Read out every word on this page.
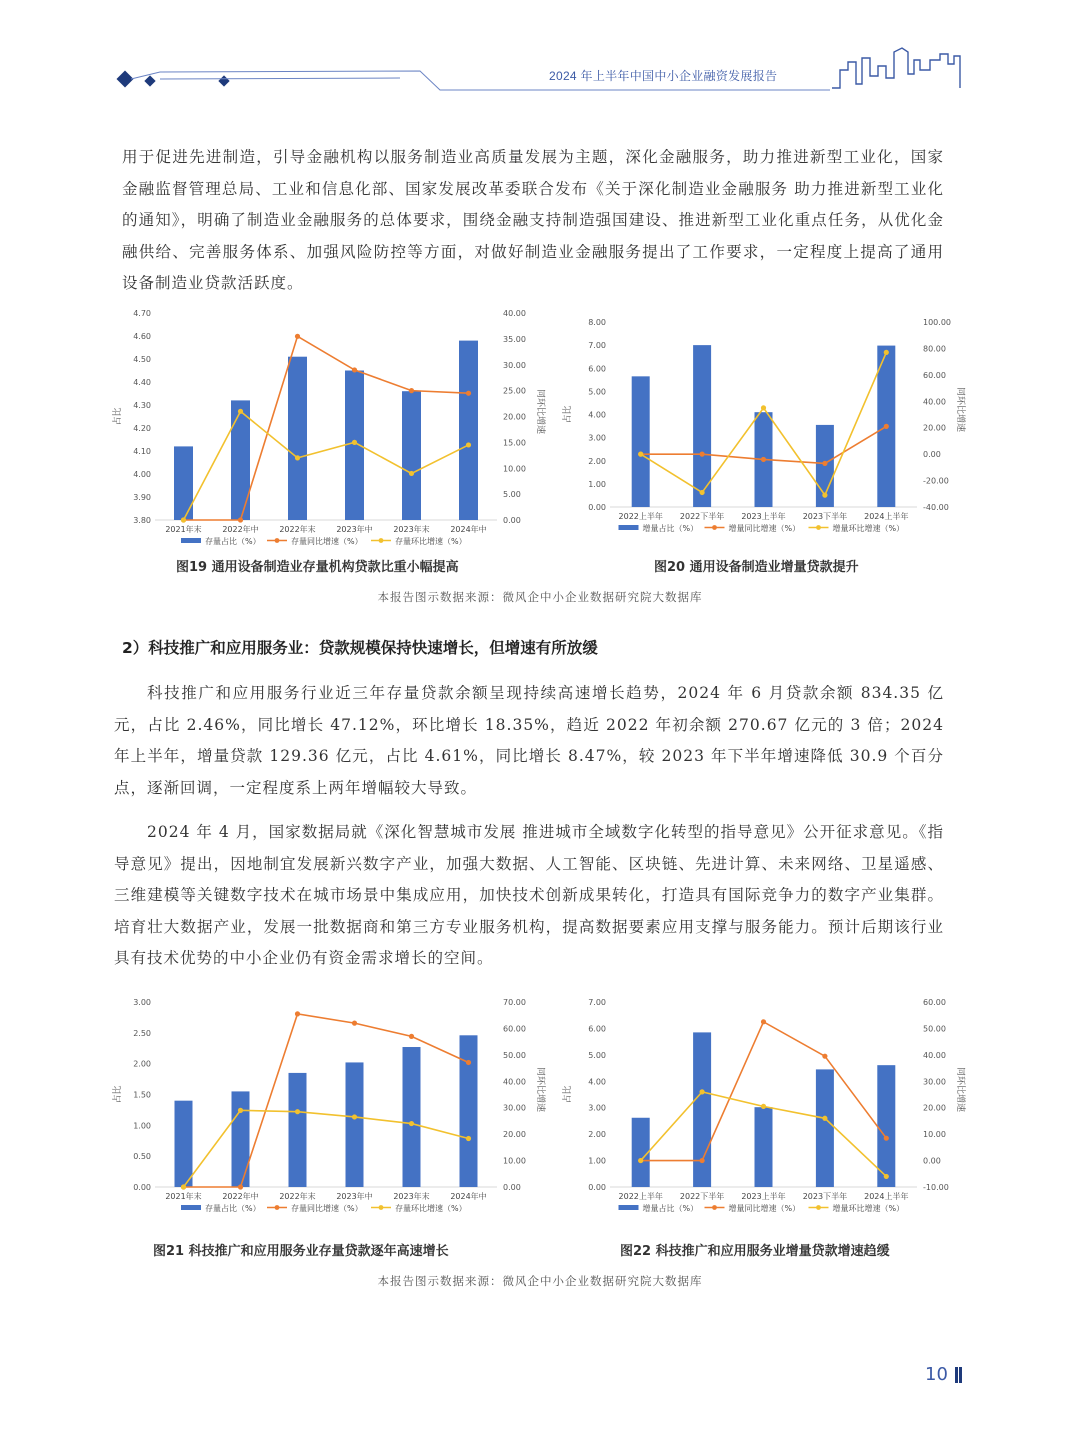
2024 年上半年中国中小企业融资发展报告
用于促进先进制造，引导金融机构以服务制造业高质量发展为主题，深化金融服务，助力推进新型工业化，国家金融监督管理总局、工业和信息化部、国家发展改革委联合发布《关于深化制造业金融服务 助力推进新型工业化的通知》，明确了制造业金融服务的总体要求，围绕金融支持制造强国建设、推进新型工业化重点任务，从优化金融供给、完善服务体系、加强风险防控等方面，对做好制造业金融服务提出了工作要求，一定程度上提高了通用设备制造业贷款活跃度。
3.80
3.90
4.00
4.10
4.20
4.30
4.40
4.50
4.60
4.70
0.00
5.00
10.00
15.00
20.00
25.00
30.00
35.00
40.00
占比	同环比增速
2021年末	2022年中	2022年末	2023年中	2023年末	2024年中
存量占比（%）	存量同比增速（%）	存量环比增速（%）
图19 通用设备制造业存量机构贷款比重小幅提高
0.00
1.00
2.00
3.00
4.00
5.00
6.00
7.00
8.00
-40.00
-20.00
0.00
20.00
40.00
60.00
80.00
100.00
占比	同环比增速
2022上半年 2022下半年 2023上半年 2023下半年 2024上半年
增量占比（%）	增量同比增速（%）	增量环比增速（%）
图20 通用设备制造业增量贷款提升
本报告图示数据来源：微风企中小企业数据研究院大数据库
2）科技推广和应用服务业：贷款规模保持快速增长，但增速有所放缓
科技推广和应用服务行业近三年存量贷款余额呈现持续高速增长趋势，2024 年 6 月贷款余额 834.35 亿元，占比 2.46%，同比增长 47.12%，环比增长 18.35%，趋近 2022 年初余额 270.67 亿元的 3 倍；2024 年上半年，增量贷款 129.36 亿元，占比 4.61%，同比增长 8.47%，较 2023 年下半年增速降低 30.9 个百分点，逐渐回调，一定程度系上两年增幅较大导致。
2024 年 4 月，国家数据局就《深化智慧城市发展 推进城市全域数字化转型的指导意见》公开征求意见。《指导意见》提出，因地制宜发展新兴数字产业，加强大数据、人工智能、区块链、先进计算、未来网络、卫星遥感、三维建模等关键数字技术在城市场景中集成应用，加快技术创新成果转化，打造具有国际竞争力的数字产业集群。培育壮大数据产业，发展一批数据商和第三方专业服务机构，提高数据要素应用支撑与服务能力。预计后期该行业具有技术优势的中小企业仍有资金需求增长的空间。
0.00
0.50
1.00
1.50
2.00
2.50
3.00
0.00
10.00
20.00
30.00
40.00
50.00
60.00
70.00
占比	同环比增速
2021年末	2022年中	2022年末	2023年中	2023年末	2024年中
存量占比（%）	存量同比增速（%）	存量环比增速（%）
图21 科技推广和应用服务业存量贷款逐年高速增长
0.00
1.00
2.00
3.00
4.00
5.00
6.00
7.00
-10.00
0.00
10.00
20.00
30.00
40.00
50.00
60.00
占比	同环比增速
2022上半年 2022下半年 2023上半年 2023下半年 2024上半年
增量占比（%）	增量同比增速（%）	增量环比增速（%）
图22 科技推广和应用服务业增量贷款增速趋缓
本报告图示数据来源：微风企中小企业数据研究院大数据库
10
